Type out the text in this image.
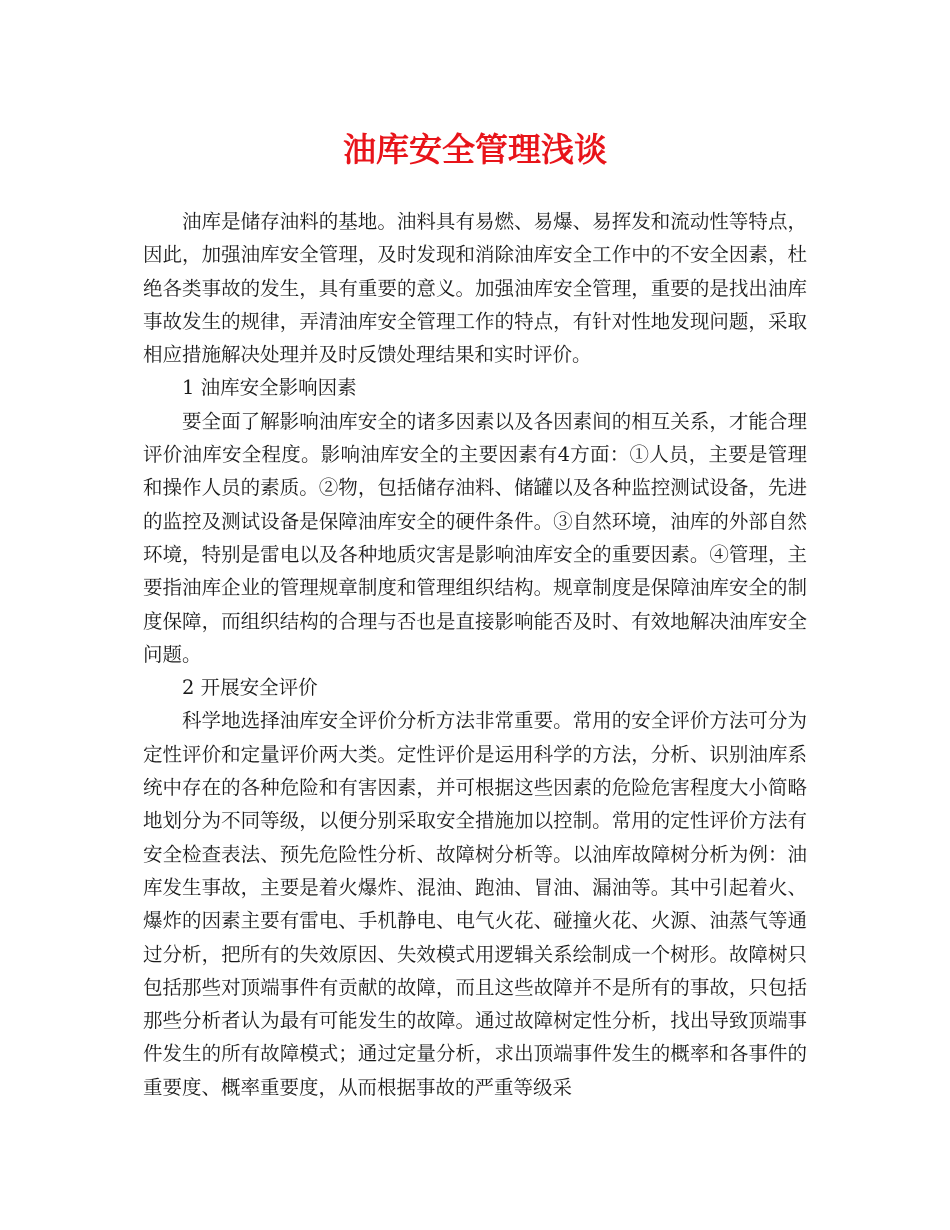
油库安全管理浅谈

油库是储存油料的基地。油料具有易燃、易爆、易挥发和流动性等特点，因此，加强油库安全管理，及时发现和消除油库安全工作中的不安全因素，杜绝各类事故的发生，具有重要的意义。加强油库安全管理，重要的是找出油库事故发生的规律，弄清油库安全管理工作的特点，有针对性地发现问题，采取相应措施解决处理并及时反馈处理结果和实时评价。

1 油库安全影响因素

要全面了解影响油库安全的诸多因素以及各因素间的相互关系，才能合理评价油库安全程度。影响油库安全的主要因素有4方面：①人员，主要是管理和操作人员的素质。②物，包括储存油料、储罐以及各种监控测试设备，先进的监控及测试设备是保障油库安全的硬件条件。③自然环境，油库的外部自然环境，特别是雷电以及各种地质灾害是影响油库安全的重要因素。④管理，主要指油库企业的管理规章制度和管理组织结构。规章制度是保障油库安全的制度保障，而组织结构的合理与否也是直接影响能否及时、有效地解决油库安全问题。

2 开展安全评价

科学地选择油库安全评价分析方法非常重要。常用的安全评价方法可分为定性评价和定量评价两大类。定性评价是运用科学的方法，分析、识别油库系统中存在的各种危险和有害因素，并可根据这些因素的危险危害程度大小简略地划分为不同等级，以便分别采取安全措施加以控制。常用的定性评价方法有安全检查表法、预先危险性分析、故障树分析等。以油库故障树分析为例：油库发生事故，主要是着火爆炸、混油、跑油、冒油、漏油等。其中引起着火、爆炸的因素主要有雷电、手机静电、电气火花、碰撞火花、火源、油蒸气等通过分析，把所有的失效原因、失效模式用逻辑关系绘制成一个树形。故障树只包括那些对顶端事件有贡献的故障，而且这些故障并不是所有的事故，只包括那些分析者认为最有可能发生的故障。通过故障树定性分析，找出导致顶端事件发生的所有故障模式；通过定量分析，求出顶端事件发生的概率和各事件的重要度、概率重要度，从而根据事故的严重等级采
